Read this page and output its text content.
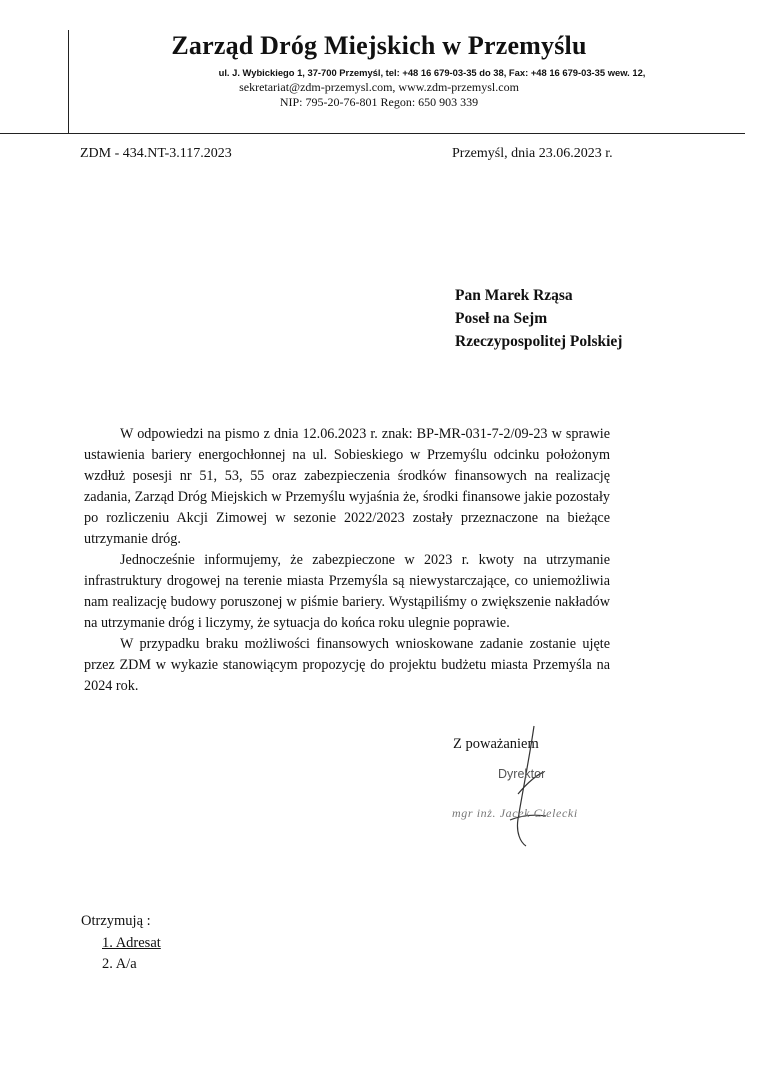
Zarząd Dróg Miejskich w Przemyślu
ul. J. Wybickiego 1, 37-700 Przemyśl, tel: +48 16 679-03-35 do 38, Fax: +48 16 679-03-35 wew. 12,
sekretariat@zdm-przemysl.com, www.zdm-przemysl.com
NIP: 795-20-76-801 Regon: 650 903 339
ZDM - 434.NT-3.117.2023	Przemyśl, dnia 23.06.2023 r.
Pan Marek Rząsa
Poseł na Sejm
Rzeczypospolitej Polskiej

W odpowiedzi na pismo z dnia 12.06.2023 r. znak: BP-MR-031-7-2/09-23 w sprawie ustawienia bariery energochłonnej na ul. Sobieskiego w Przemyślu odcinku położonym wzdłuż posesji nr 51, 53, 55 oraz zabezpieczenia środków finansowych na realizację zadania, Zarząd Dróg Miejskich w Przemyślu wyjaśnia że, środki finansowe jakie pozostały po rozliczeniu Akcji Zimowej w sezonie 2022/2023 zostały przeznaczone na bieżące utrzymanie dróg.

Jednocześnie informujemy, że zabezpieczone w 2023 r. kwoty na utrzymanie infrastruktury drogowej na terenie miasta Przemyśla są niewystarczające, co uniemożliwia nam realizację budowy poruszonej w piśmie bariery. Wystąpiliśmy o zwiększenie nakładów na utrzymanie dróg i liczymy, że sytuacja do końca roku ulegnie poprawie.

W przypadku braku możliwości finansowych wnioskowane zadanie zostanie ujęte przez ZDM w wykazie stanowiącym propozycję do projektu budżetu miasta Przemyśla na 2024 rok.

Z poważaniem
Dyrektor
mgr inż. Jacek Cielecki
Otrzymują :
1. Adresat
2. A/a
